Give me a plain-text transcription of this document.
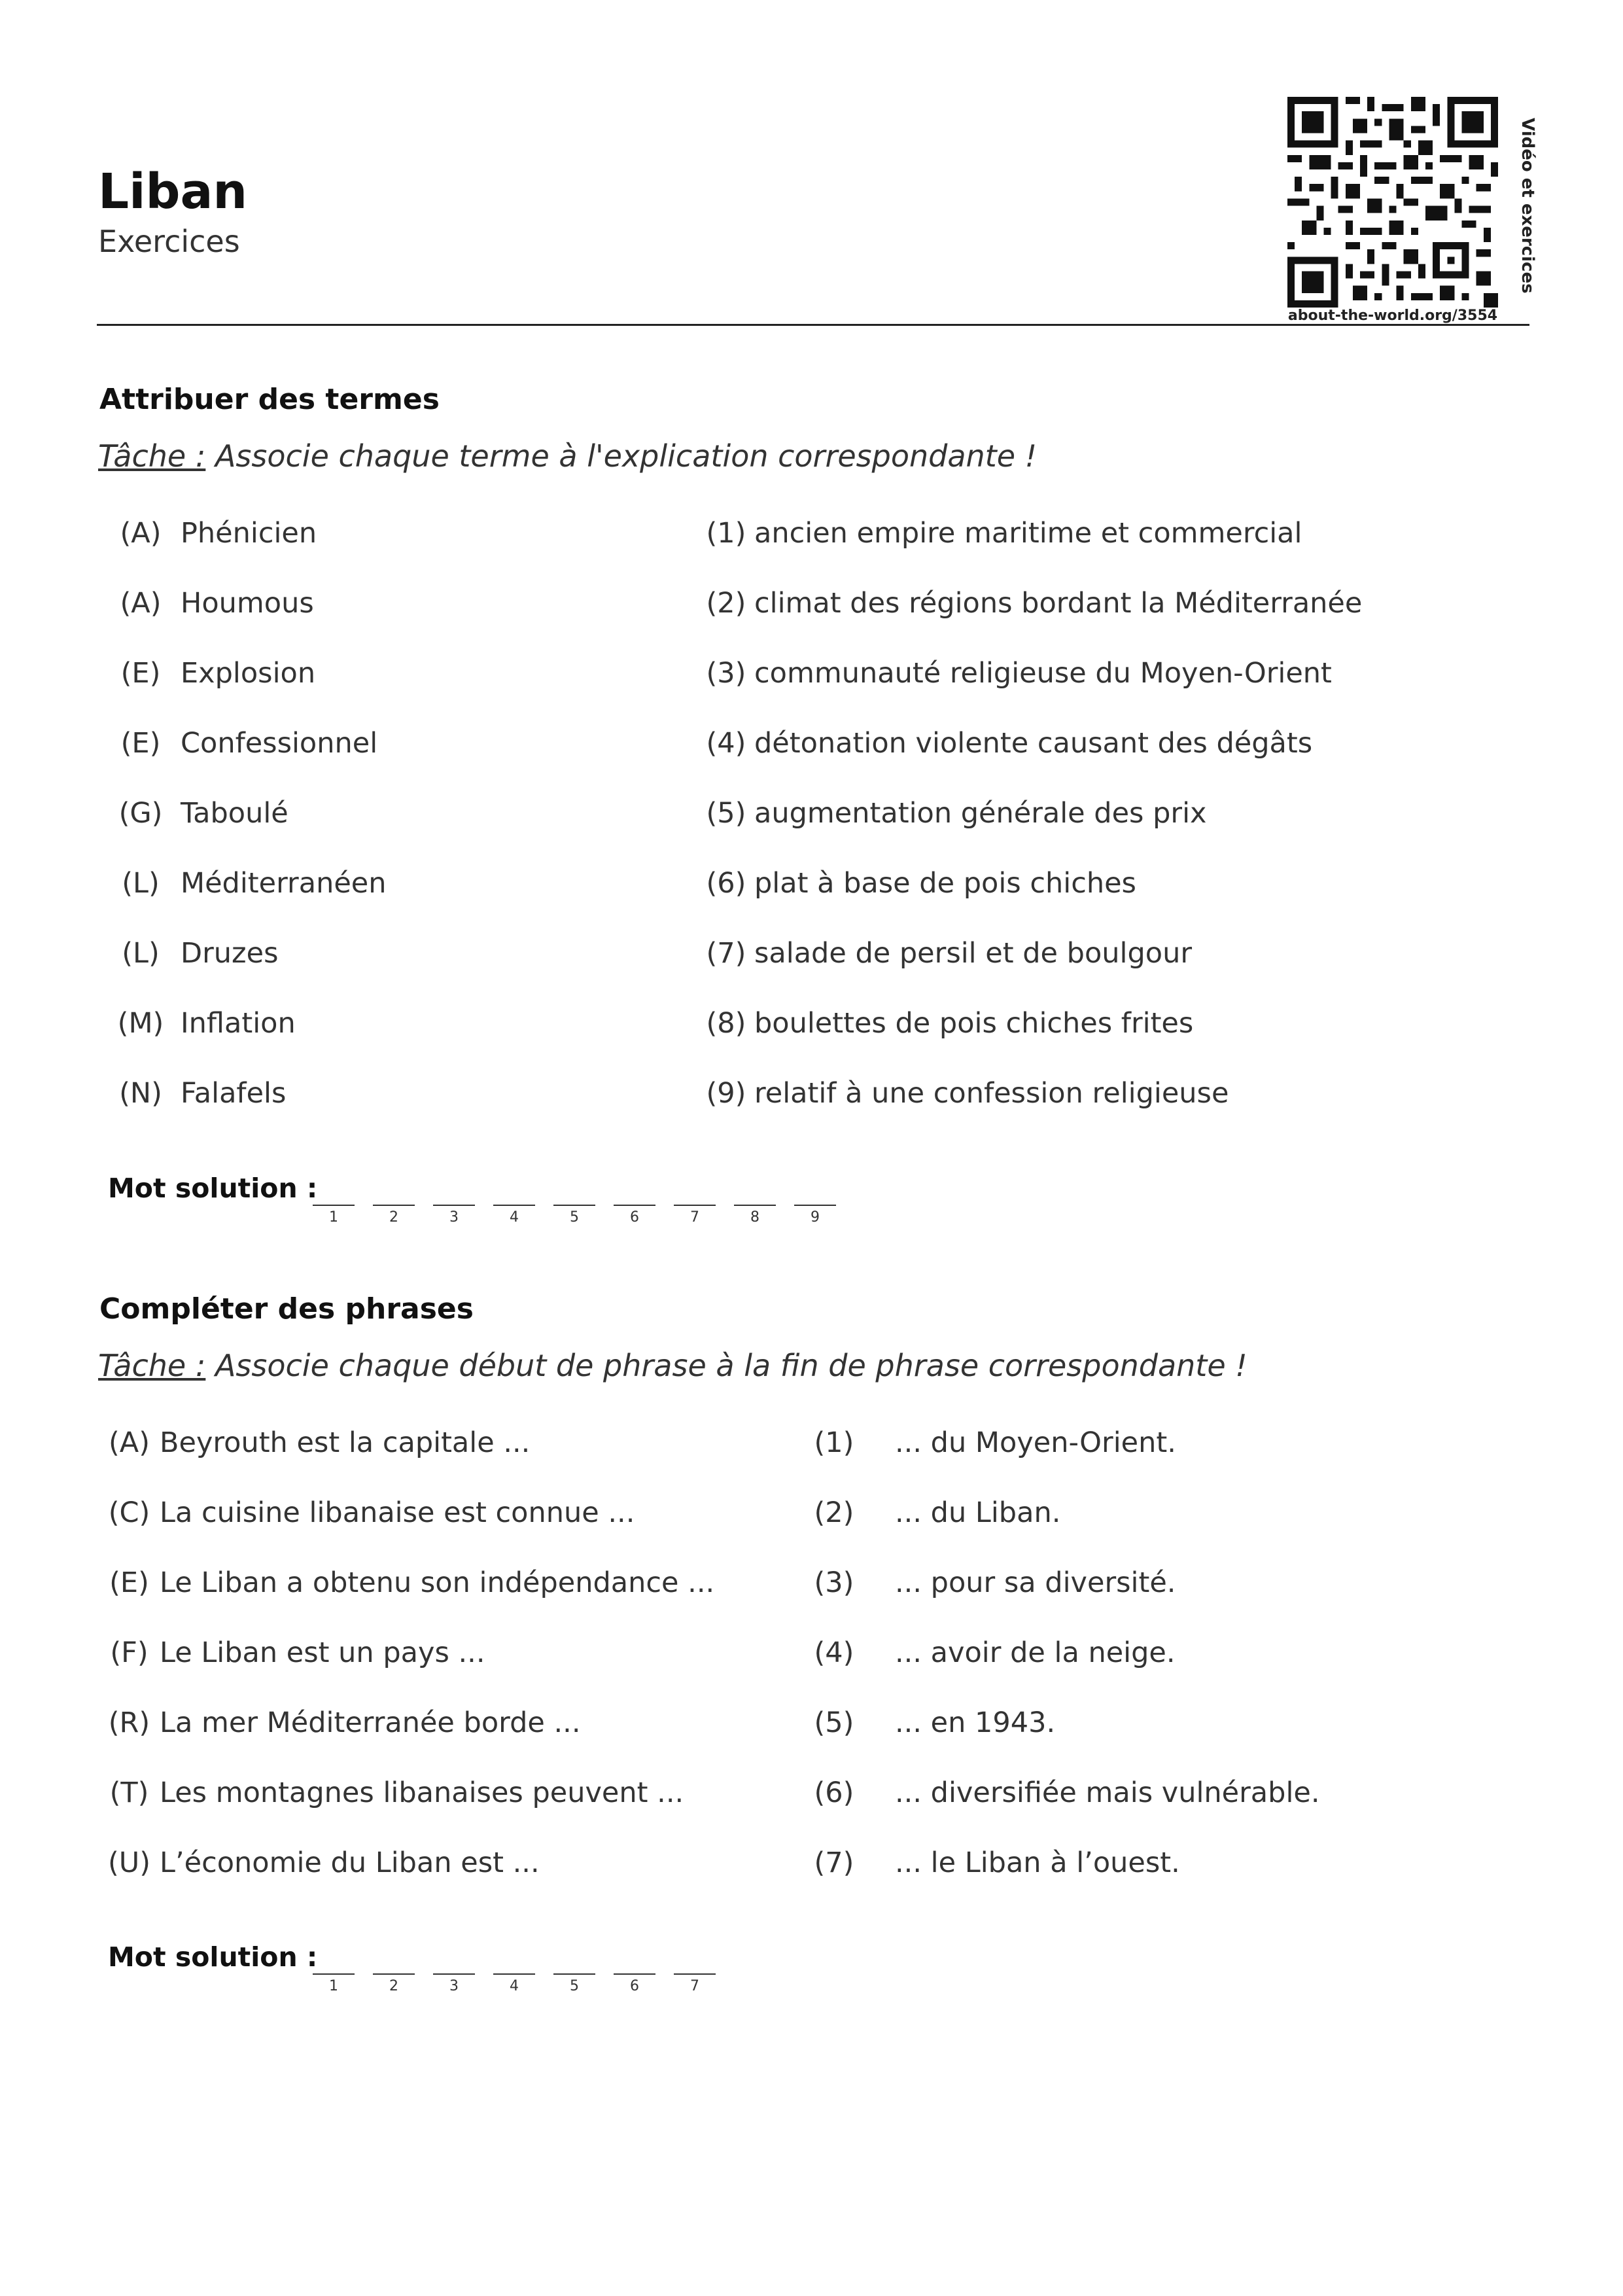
Liban
Exercices
about-the-world.org/3554
Vidéo et exercices
Attribuer des termes
Tâche : Associe chaque terme à l'explication correspondante !
(A) Phénicien	(1) ancien empire maritime et commercial
(A) Houmous	(2) climat des régions bordant la Méditerranée
(E) Explosion	(3) communauté religieuse du Moyen-Orient
(E) Confessionnel	(4) détonation violente causant des dégâts
(G) Taboulé	(5) augmentation générale des prix
(L) Méditerranéen	(6) plat à base de pois chiches
(L) Druzes	(7) salade de persil et de boulgour
(M) Inflation	(8) boulettes de pois chiches frites
(N) Falafels	(9) relatif à une confession religieuse
Mot solution :
1	2	3	4	5	6	7	8	9
Compléter des phrases
Tâche : Associe chaque début de phrase à la fin de phrase correspondante !
(A) Beyrouth est la capitale ...	(1) ... du Moyen-Orient.
(C) La cuisine libanaise est connue ...	(2) ... du Liban.
(E) Le Liban a obtenu son indépendance ...	(3) ... pour sa diversité.
(F) Le Liban est un pays ...	(4) ... avoir de la neige.
(R) La mer Méditerranée borde ...	(5) ... en 1943.
(T) Les montagnes libanaises peuvent ...	(6) ... diversifiée mais vulnérable.
(U) L’économie du Liban est ...	(7) ... le Liban à l’ouest.
Mot solution :
1	2	3	4	5	6	7
